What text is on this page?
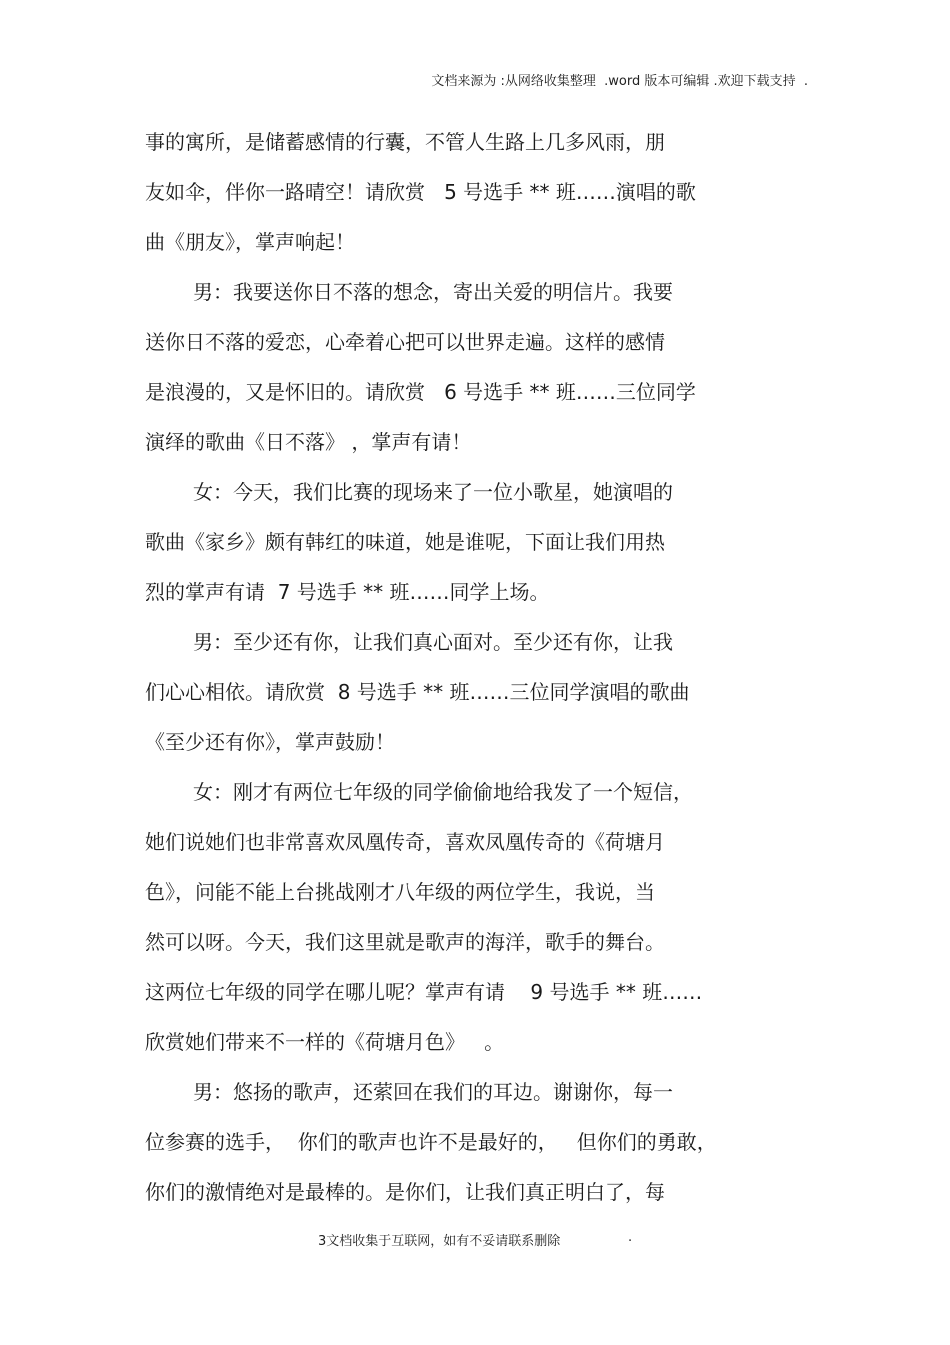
文档来源为 :从网络收集整理  .word 版本可编辑 .欢迎下载支持  .
事的寓所，是储蓄感情的行囊，不管人生路上几多风雨，朋
友如伞，伴你一路晴空！请欣赏   5 号选手 ** 班……演唱的歌
曲《朋友》，掌声响起！
男：我要送你日不落的想念，寄出关爱的明信片。我要
送你日不落的爱恋，心牵着心把可以世界走遍。这样的感情
是浪漫的，又是怀旧的。请欣赏   6 号选手 ** 班……三位同学
演绎的歌曲《日不落》 ，掌声有请！
女：今天，我们比赛的现场来了一位小歌星，她演唱的
歌曲《家乡》颇有韩红的味道，她是谁呢，下面让我们用热
烈的掌声有请  7 号选手 ** 班……同学上场。
男：至少还有你，让我们真心面对。至少还有你，让我
们心心相依。请欣赏  8 号选手 ** 班……三位同学演唱的歌曲
《至少还有你》，掌声鼓励！
女：刚才有两位七年级的同学偷偷地给我发了一个短信，
她们说她们也非常喜欢凤凰传奇，喜欢凤凰传奇的《荷塘月
色》，问能不能上台挑战刚才八年级的两位学生，我说，当
然可以呀。今天，我们这里就是歌声的海洋，歌手的舞台。
这两位七年级的同学在哪儿呢？掌声有请    9 号选手 ** 班……
欣赏她们带来不一样的《荷塘月色》   。
男：悠扬的歌声，还萦回在我们的耳边。谢谢你，每一
位参赛的选手，  你们的歌声也许不是最好的，   但你们的勇敢，
你们的激情绝对是最棒的。是你们，让我们真正明白了，每
3文档收集于互联网，如有不妥请联系删除	.
